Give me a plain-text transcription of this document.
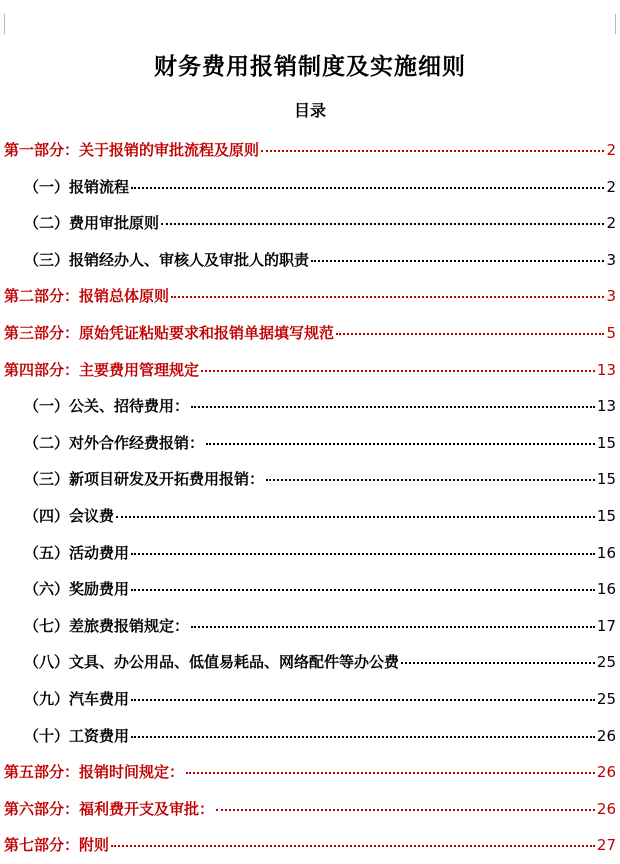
财务费用报销制度及实施细则
目录
第一部分：关于报销的审批流程及原则	2
（一）报销流程	2
（二）费用审批原则	2
（三）报销经办人、审核人及审批人的职责	3
第二部分：报销总体原则	3
第三部分：原始凭证粘贴要求和报销单据填写规范	5
第四部分：主要费用管理规定	13
（一）公关、招待费用：	13
（二）对外合作经费报销：	15
（三）新项目研发及开拓费用报销：	15
（四）会议费	15
（五）活动费用	16
（六）奖励费用	16
（七）差旅费报销规定：	17
（八）文具、办公用品、低值易耗品、网络配件等办公费	25
（九）汽车费用	25
（十）工资费用	26
第五部分：报销时间规定：	26
第六部分：福利费开支及审批：	26
第七部分：附则	27
